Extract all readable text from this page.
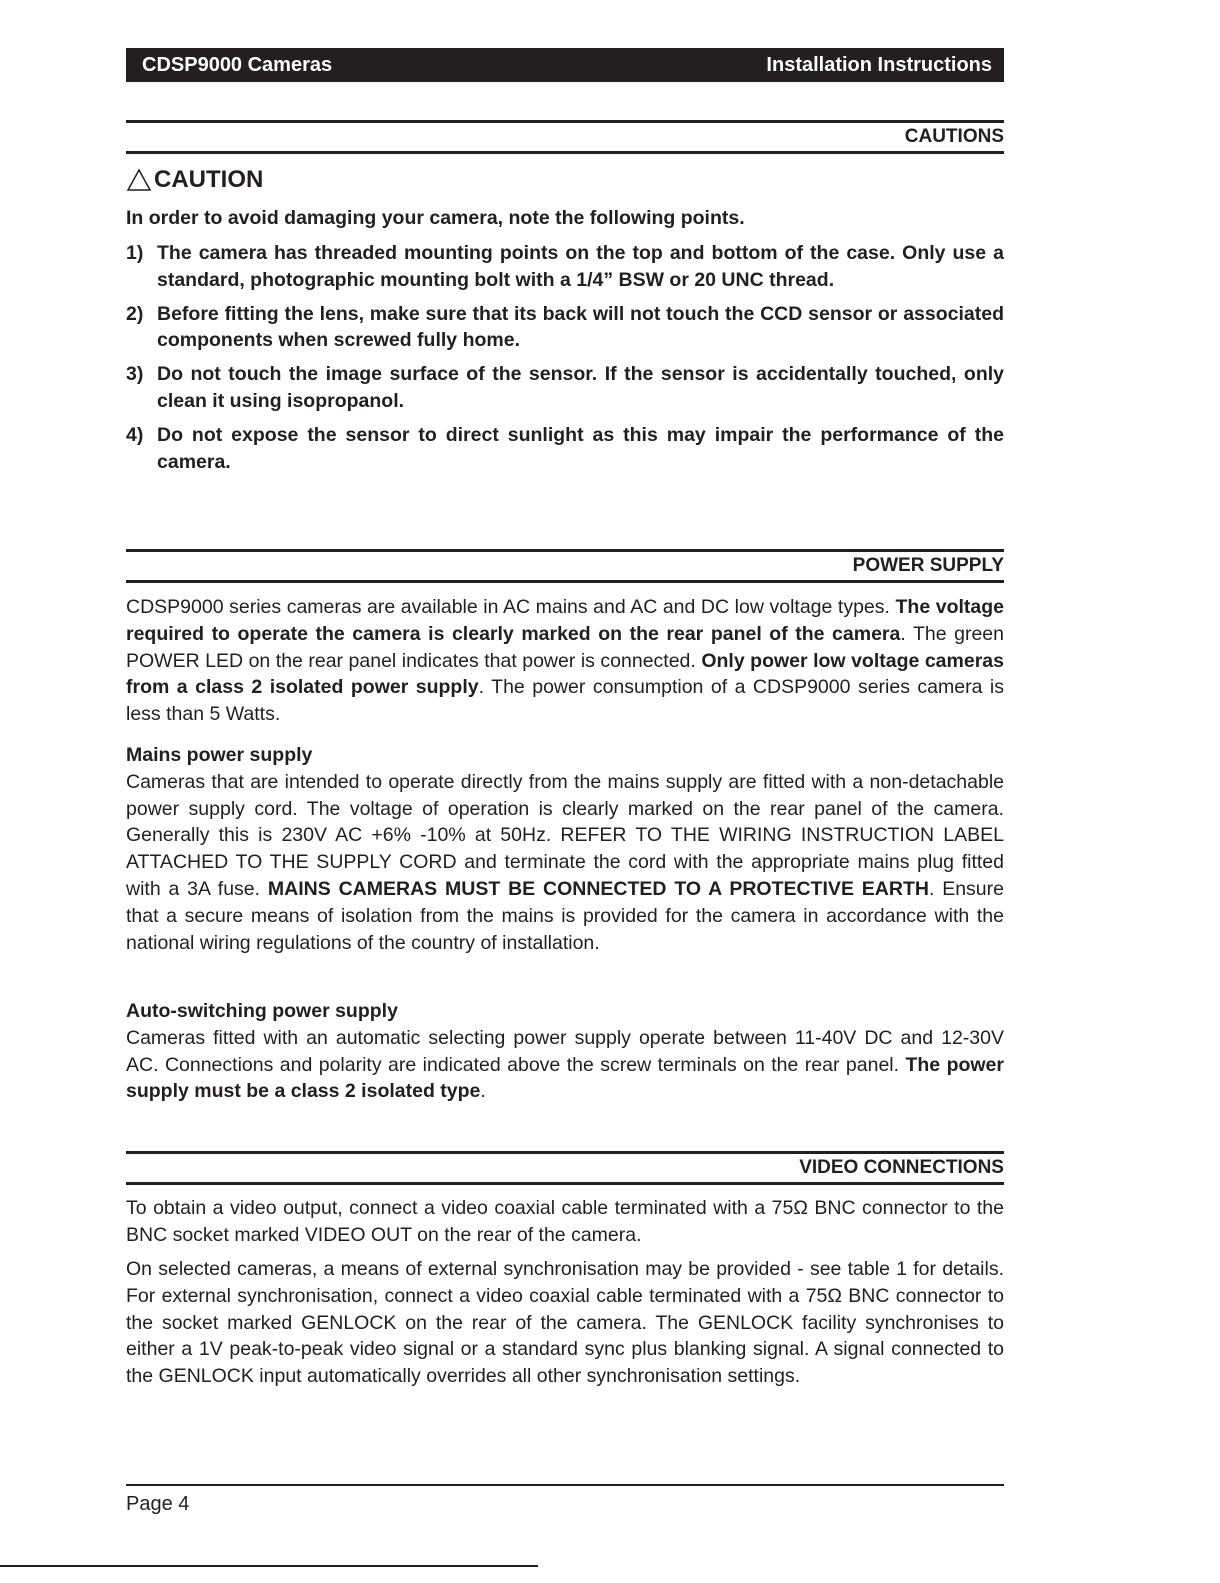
CDSP9000 Cameras	Installation Instructions
CAUTIONS
CAUTION
In order to avoid damaging your camera, note the following points.
1) The camera has threaded mounting points on the top and bottom of the case. Only use a standard, photographic mounting bolt with a 1/4” BSW or 20 UNC thread.
2) Before fitting the lens, make sure that its back will not touch the CCD sensor or associated components when screwed fully home.
3) Do not touch the image surface of the sensor. If the sensor is accidentally touched, only clean it using isopropanol.
4) Do not expose the sensor to direct sunlight as this may impair the performance of the camera.
POWER SUPPLY

CDSP9000 series cameras are available in AC mains and AC and DC low voltage types. The voltage required to operate the camera is clearly marked on the rear panel of the camera. The green POWER LED on the rear panel indicates that power is connected. Only power low voltage cameras from a class 2 isolated power supply. The power consumption of a CDSP9000 series camera is less than 5 Watts.

Mains power supply
Cameras that are intended to operate directly from the mains supply are fitted with a non-detachable power supply cord. The voltage of operation is clearly marked on the rear panel of the camera. Generally this is 230V AC +6% -10% at 50Hz. REFER TO THE WIRING INSTRUCTION LABEL ATTACHED TO THE SUPPLY CORD and terminate the cord with the appropriate mains plug fitted with a 3A fuse. MAINS CAMERAS MUST BE CONNECTED TO A PROTECTIVE EARTH. Ensure that a secure means of isolation from the mains is provided for the camera in accordance with the national wiring regulations of the country of installation.

Auto-switching power supply
Cameras fitted with an automatic selecting power supply operate between 11-40V DC and 12-30V AC. Connections and polarity are indicated above the screw terminals on the rear panel. The power supply must be a class 2 isolated type.

VIDEO CONNECTIONS

To obtain a video output, connect a video coaxial cable terminated with a 75Ω BNC connector to the BNC socket marked VIDEO OUT on the rear of the camera.

On selected cameras, a means of external synchronisation may be provided - see table 1 for details. For external synchronisation, connect a video coaxial cable terminated with a 75Ω BNC connector to the socket marked GENLOCK on the rear of the camera. The GENLOCK facility synchronises to either a 1V peak-to-peak video signal or a standard sync plus blanking signal. A signal connected to the GENLOCK input automatically overrides all other synchronisation settings.

Page 4
